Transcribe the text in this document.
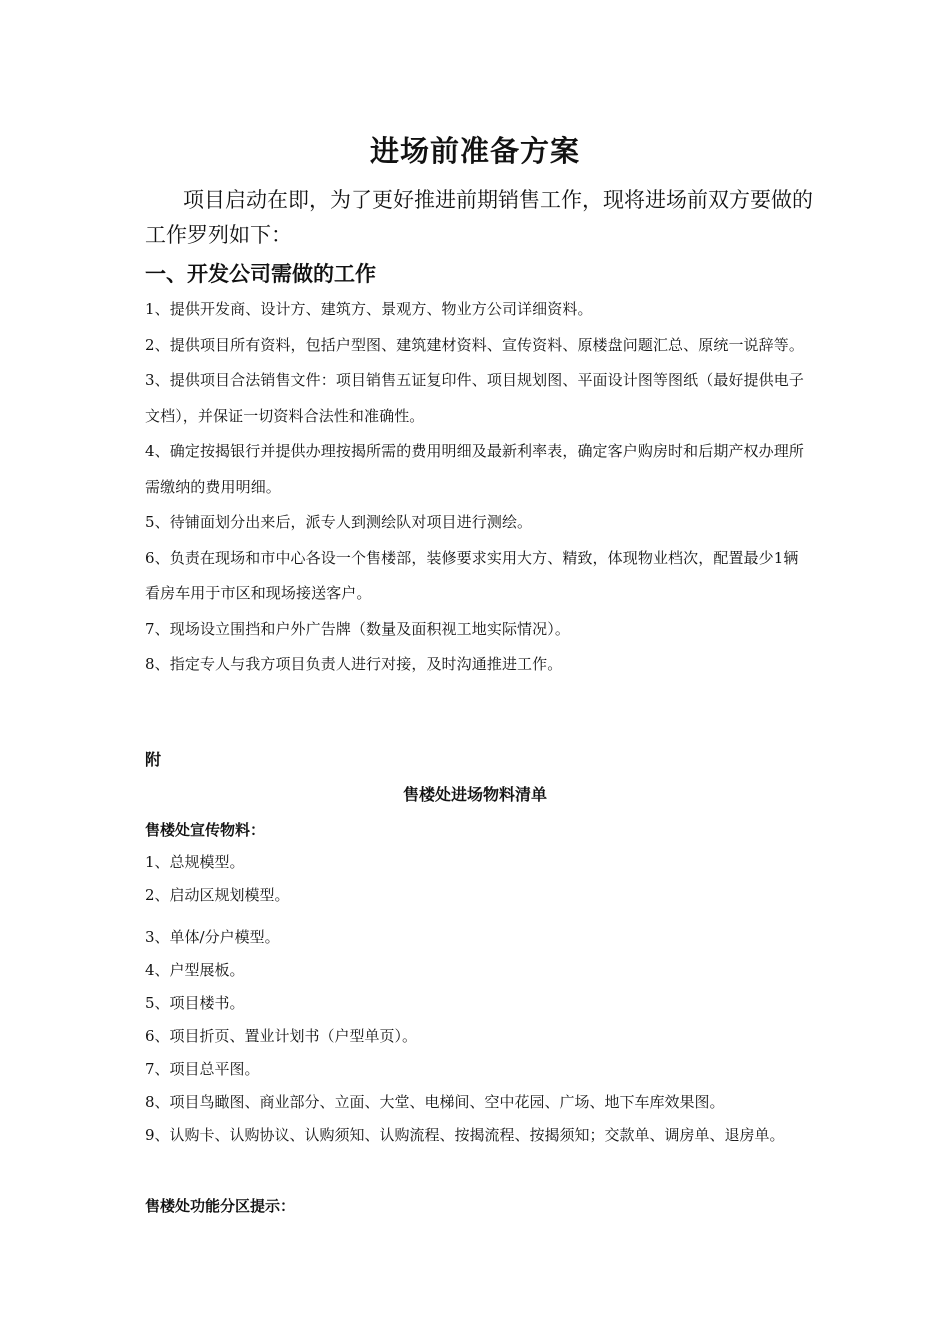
进场前准备方案
项目启动在即，为了更好推进前期销售工作，现将进场前双方要做的工作罗列如下：
一、开发公司需做的工作
1、提供开发商、设计方、建筑方、景观方、物业方公司详细资料。
2、提供项目所有资料，包括户型图、建筑建材资料、宣传资料、原楼盘问题汇总、原统一说辞等。
3、提供项目合法销售文件：项目销售五证复印件、项目规划图、平面设计图等图纸（最好提供电子文档），并保证一切资料合法性和准确性。
4、确定按揭银行并提供办理按揭所需的费用明细及最新利率表，确定客户购房时和后期产权办理所需缴纳的费用明细。
5、待铺面划分出来后，派专人到测绘队对项目进行测绘。
6、负责在现场和市中心各设一个售楼部，装修要求实用大方、精致，体现物业档次，配置最少1辆看房车用于市区和现场接送客户。
7、现场设立围挡和户外广告牌（数量及面积视工地实际情况）。
8、指定专人与我方项目负责人进行对接，及时沟通推进工作。
附
售楼处进场物料清单
售楼处宣传物料：
1、总规模型。
2、启动区规划模型。
3、单体/分户模型。
4、户型展板。
5、项目楼书。
6、项目折页、置业计划书（户型单页）。
7、项目总平图。
8、项目鸟瞰图、商业部分、立面、大堂、电梯间、空中花园、广场、地下车库效果图。
9、认购卡、认购协议、认购须知、认购流程、按揭流程、按揭须知；交款单、调房单、退房单。
售楼处功能分区提示：
